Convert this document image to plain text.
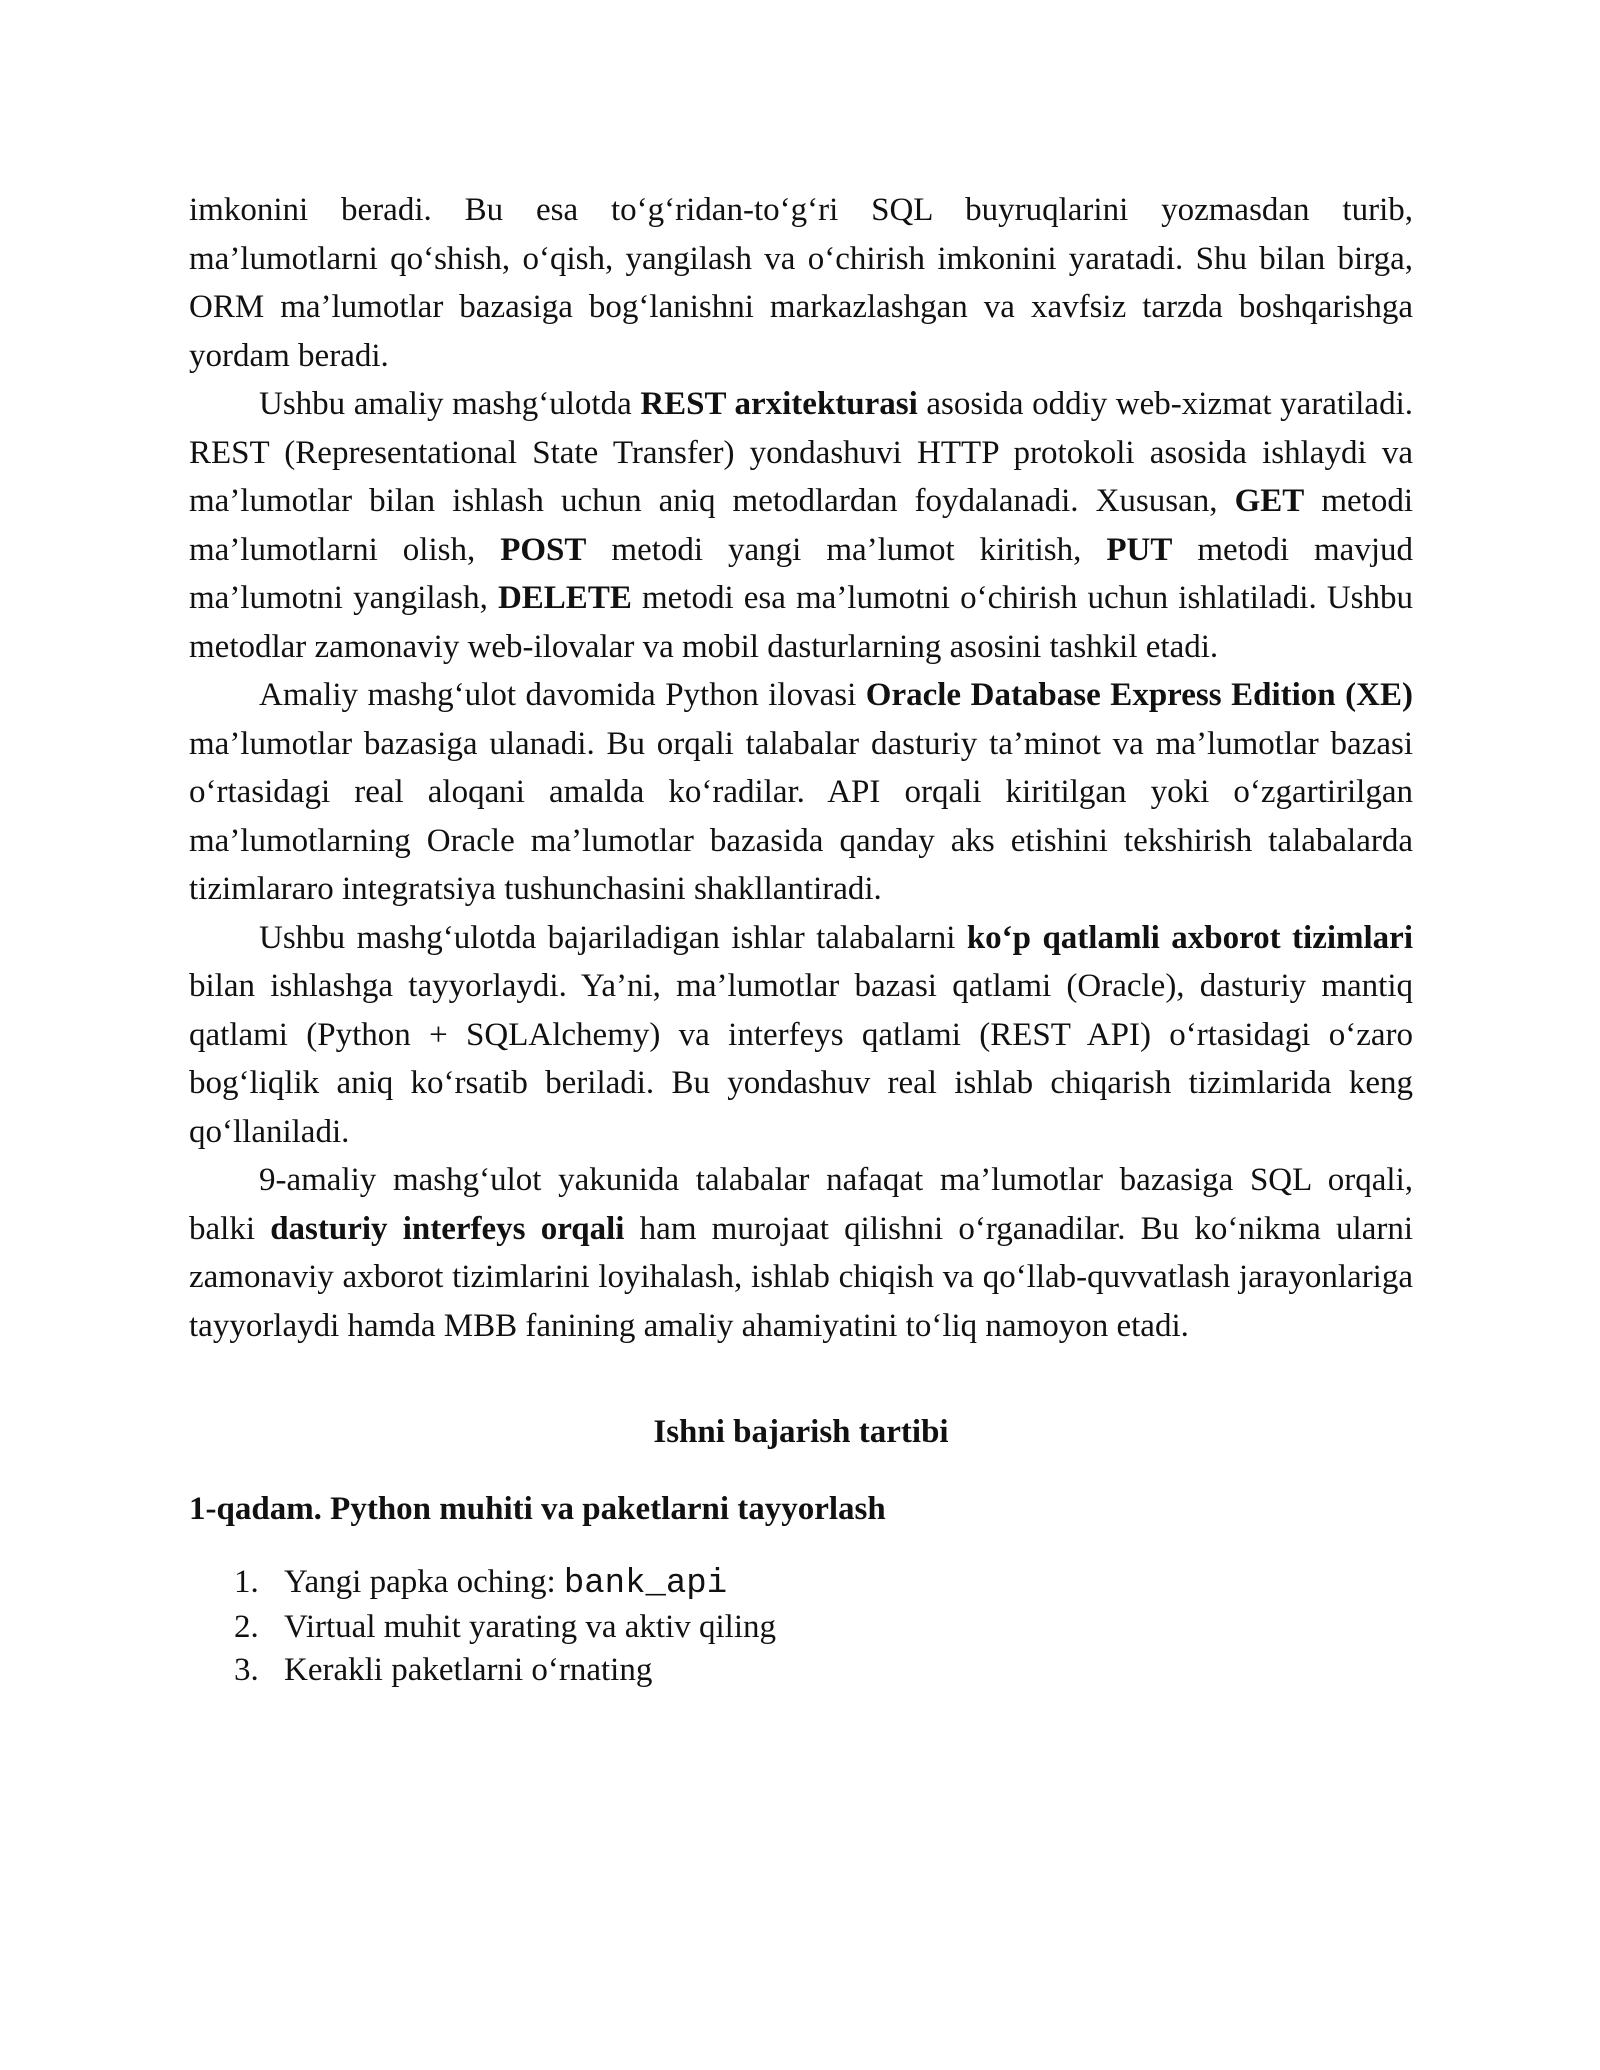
imkonini beradi. Bu esa to‘g‘ridan-to‘g‘ri SQL buyruqlarini yozmasdan turib, ma’lumotlarni qo‘shish, o‘qish, yangilash va o‘chirish imkonini yaratadi. Shu bilan birga, ORM ma’lumotlar bazasiga bog‘lanishni markazlashgan va xavfsiz tarzda boshqarishga yordam beradi.

Ushbu amaliy mashg‘ulotda REST arxitekturasi asosida oddiy web-xizmat yaratiladi. REST (Representational State Transfer) yondashuvi HTTP protokoli asosida ishlaydi va ma’lumotlar bilan ishlash uchun aniq metodlardan foydalanadi. Xususan, GET metodi ma’lumotlarni olish, POST metodi yangi ma’lumot kiritish, PUT metodi mavjud ma’lumotni yangilash, DELETE metodi esa ma’lumotni o‘chirish uchun ishlatiladi. Ushbu metodlar zamonaviy web-ilovalar va mobil dasturlarning asosini tashkil etadi.

Amaliy mashg‘ulot davomida Python ilovasi Oracle Database Express Edition (XE) ma’lumotlar bazasiga ulanadi. Bu orqali talabalar dasturiy ta’minot va ma’lumotlar bazasi o‘rtasidagi real aloqani amalda ko‘radilar. API orqali kiritilgan yoki o‘zgartirilgan ma’lumotlarning Oracle ma’lumotlar bazasida qanday aks etishini tekshirish talabalarda tizimlararo integratsiya tushunchasini shakllantiradi.

Ushbu mashg‘ulotda bajariladigan ishlar talabalarni ko‘p qatlamli axborot tizimlari bilan ishlashga tayyorlaydi. Ya’ni, ma’lumotlar bazasi qatlami (Oracle), dasturiy mantiq qatlami (Python + SQLAlchemy) va interfeys qatlami (REST API) o‘rtasidagi o‘zaro bog‘liqlik aniq ko‘rsatib beriladi. Bu yondashuv real ishlab chiqarish tizimlarida keng qo‘llaniladi.

9-amaliy mashg‘ulot yakunida talabalar nafaqat ma’lumotlar bazasiga SQL orqali, balki dasturiy interfeys orqali ham murojaat qilishni o‘rganadilar. Bu ko‘nikma ularni zamonaviy axborot tizimlarini loyihalash, ishlab chiqish va qo‘llab-quvvatlash jarayonlariga tayyorlaydi hamda MBB fanining amaliy ahamiyatini to‘liq namoyon etadi.

Ishni bajarish tartibi
1-qadam. Python muhiti va paketlarni tayyorlash
1. Yangi papka oching: bank_api
2. Virtual muhit yarating va aktiv qiling
3. Kerakli paketlarni o‘rnating
